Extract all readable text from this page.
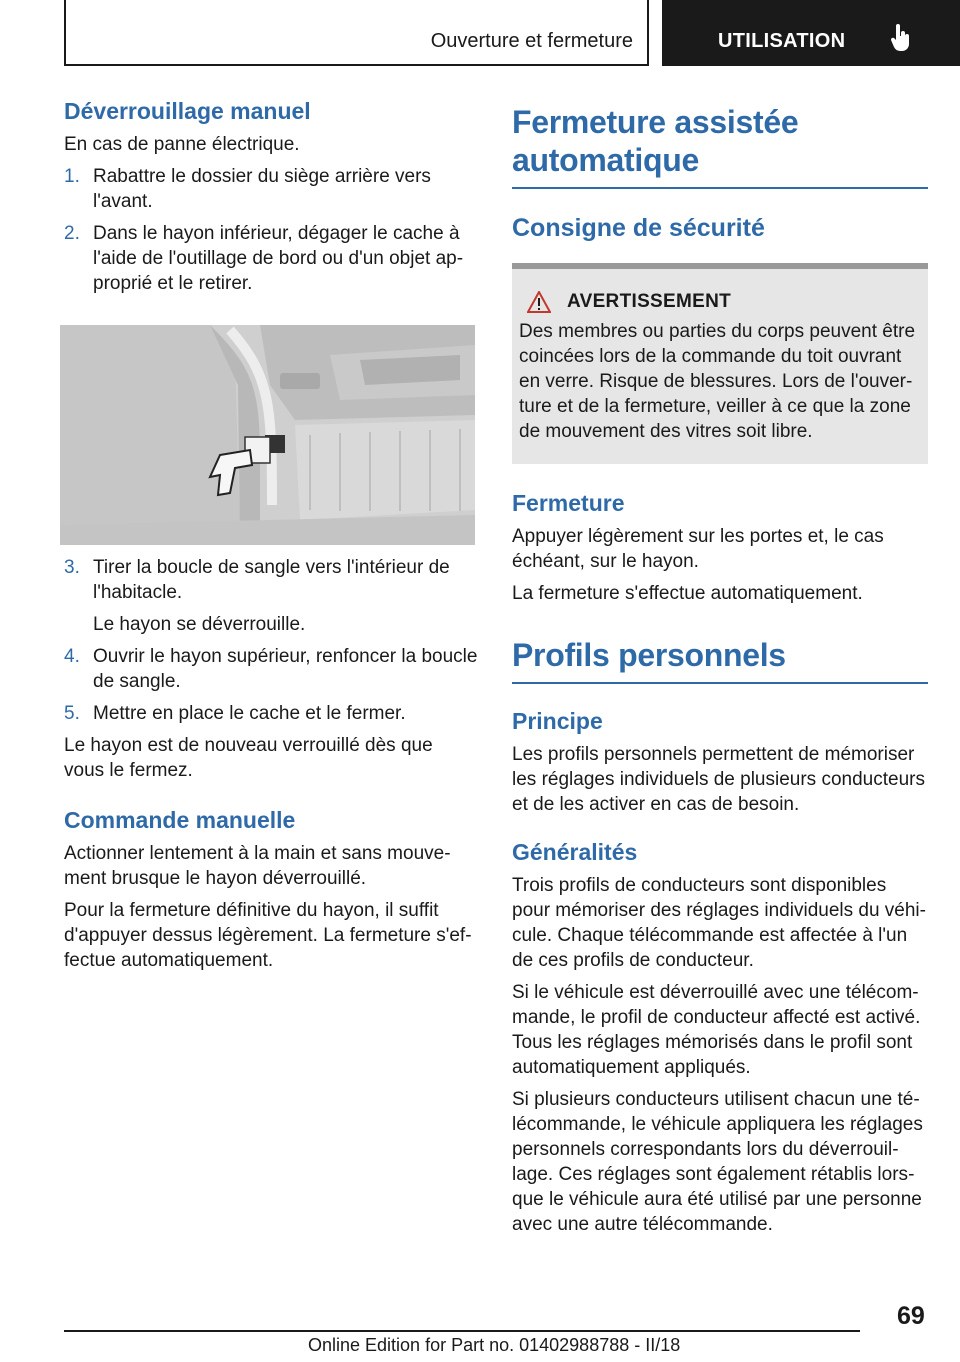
Ouverture et fermeture	UTILISATION
Déverrouillage manuel

En cas de panne électrique.

1. Rabattre le dossier du siège arrière vers l'avant.
2. Dans le hayon inférieur, dégager le cache à l'aide de l'outillage de bord ou d'un objet approprié et le retirer.
3. Tirer la boucle de sangle vers l'intérieur de l'habitacle.
Le hayon se déverrouille.
4. Ouvrir le hayon supérieur, renfoncer la boucle de sangle.
5. Mettre en place le cache et le fermer.

Le hayon est de nouveau verrouillé dès que vous le fermez.

Commande manuelle

Actionner lentement à la main et sans mouvement brusque le hayon déverrouillé.

Pour la fermeture définitive du hayon, il suffit d'appuyer dessus légèrement. La fermeture s'effectue automatiquement.

Fermeture assistée automatique
Consigne de sécurité
AVERTISSEMENT

Des membres ou parties du corps peuvent être coincées lors de la commande du toit ouvrant en verre. Risque de blessures. Lors de l'ouverture et de la fermeture, veiller à ce que la zone de mouvement des vitres soit libre.

Fermeture

Appuyer légèrement sur les portes et, le cas échéant, sur le hayon.

La fermeture s'effectue automatiquement.

Profils personnels
Principe

Les profils personnels permettent de mémoriser les réglages individuels de plusieurs conducteurs et de les activer en cas de besoin.

Généralités

Trois profils de conducteurs sont disponibles pour mémoriser des réglages individuels du véhicule. Chaque télécommande est affectée à l'un de ces profils de conducteur.

Si le véhicule est déverrouillé avec une télécommande, le profil de conducteur affecté est activé. Tous les réglages mémorisés dans le profil sont automatiquement appliqués.

Si plusieurs conducteurs utilisent chacun une télécommande, le véhicule appliquera les réglages personnels correspondants lors du déverrouillage. Ces réglages sont également rétablis lorsque le véhicule aura été utilisé par une personne avec une autre télécommande.

69
Online Edition for Part no. 01402988788 - II/18
